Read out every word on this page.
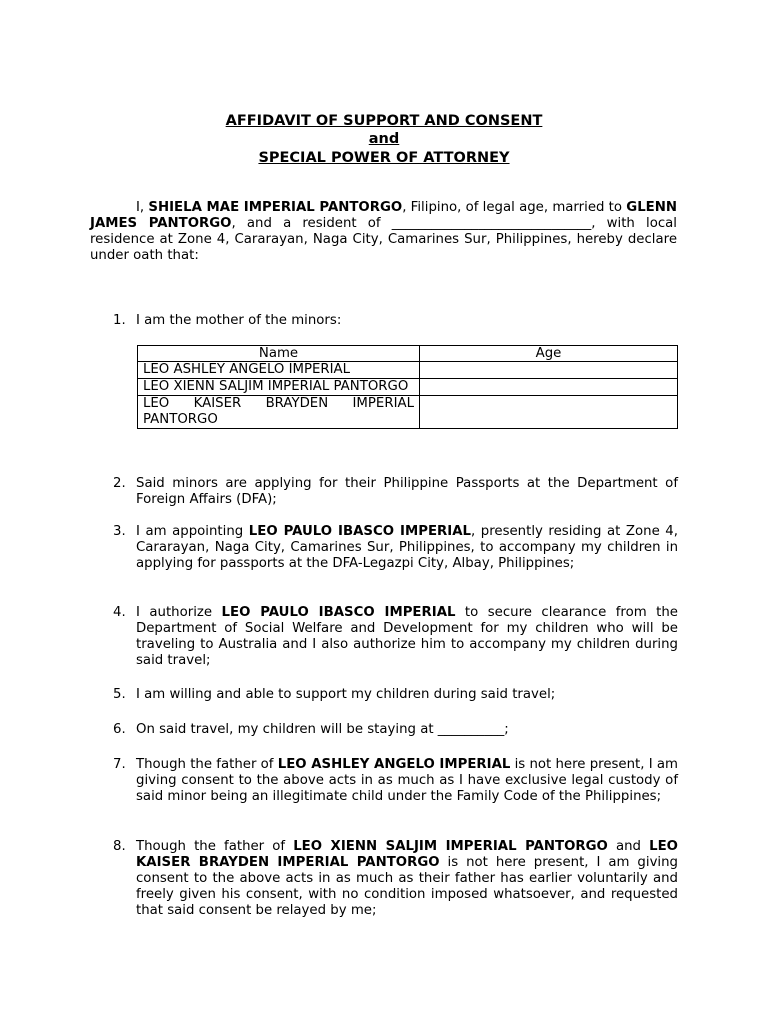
AFFIDAVIT OF SUPPORT AND CONSENT
and
SPECIAL POWER OF ATTORNEY
I, SHIELA MAE IMPERIAL PANTORGO, Filipino, of legal age, married to GLENN JAMES PANTORGO, and a resident of ______________________________, with local residence at Zone 4, Cararayan, Naga City, Camarines Sur, Philippines, hereby declare under oath that:
1. I am the mother of the minors:
Name	Age
LEO ASHLEY ANGELO IMPERIAL	
LEO XIENN SALJIM IMPERIAL PANTORGO	
LEO KAISER BRAYDEN IMPERIAL PANTORGO	
2. Said minors are applying for their Philippine Passports at the Department of Foreign Affairs (DFA);
3. I am appointing LEO PAULO IBASCO IMPERIAL, presently residing at Zone 4, Cararayan, Naga City, Camarines Sur, Philippines, to accompany my children in applying for passports at the DFA-Legazpi City, Albay, Philippines;
4. I authorize LEO PAULO IBASCO IMPERIAL to secure clearance from the Department of Social Welfare and Development for my children who will be traveling to Australia and I also authorize him to accompany my children during said travel;
5. I am willing and able to support my children during said travel;
6. On said travel, my children will be staying at __________;
7. Though the father of LEO ASHLEY ANGELO IMPERIAL is not here present, I am giving consent to the above acts in as much as I have exclusive legal custody of said minor being an illegitimate child under the Family Code of the Philippines;
8. Though the father of LEO XIENN SALJIM IMPERIAL PANTORGO and LEO KAISER BRAYDEN IMPERIAL PANTORGO is not here present, I am giving consent to the above acts in as much as their father has earlier voluntarily and freely given his consent, with no condition imposed whatsoever, and requested that said consent be relayed by me;
